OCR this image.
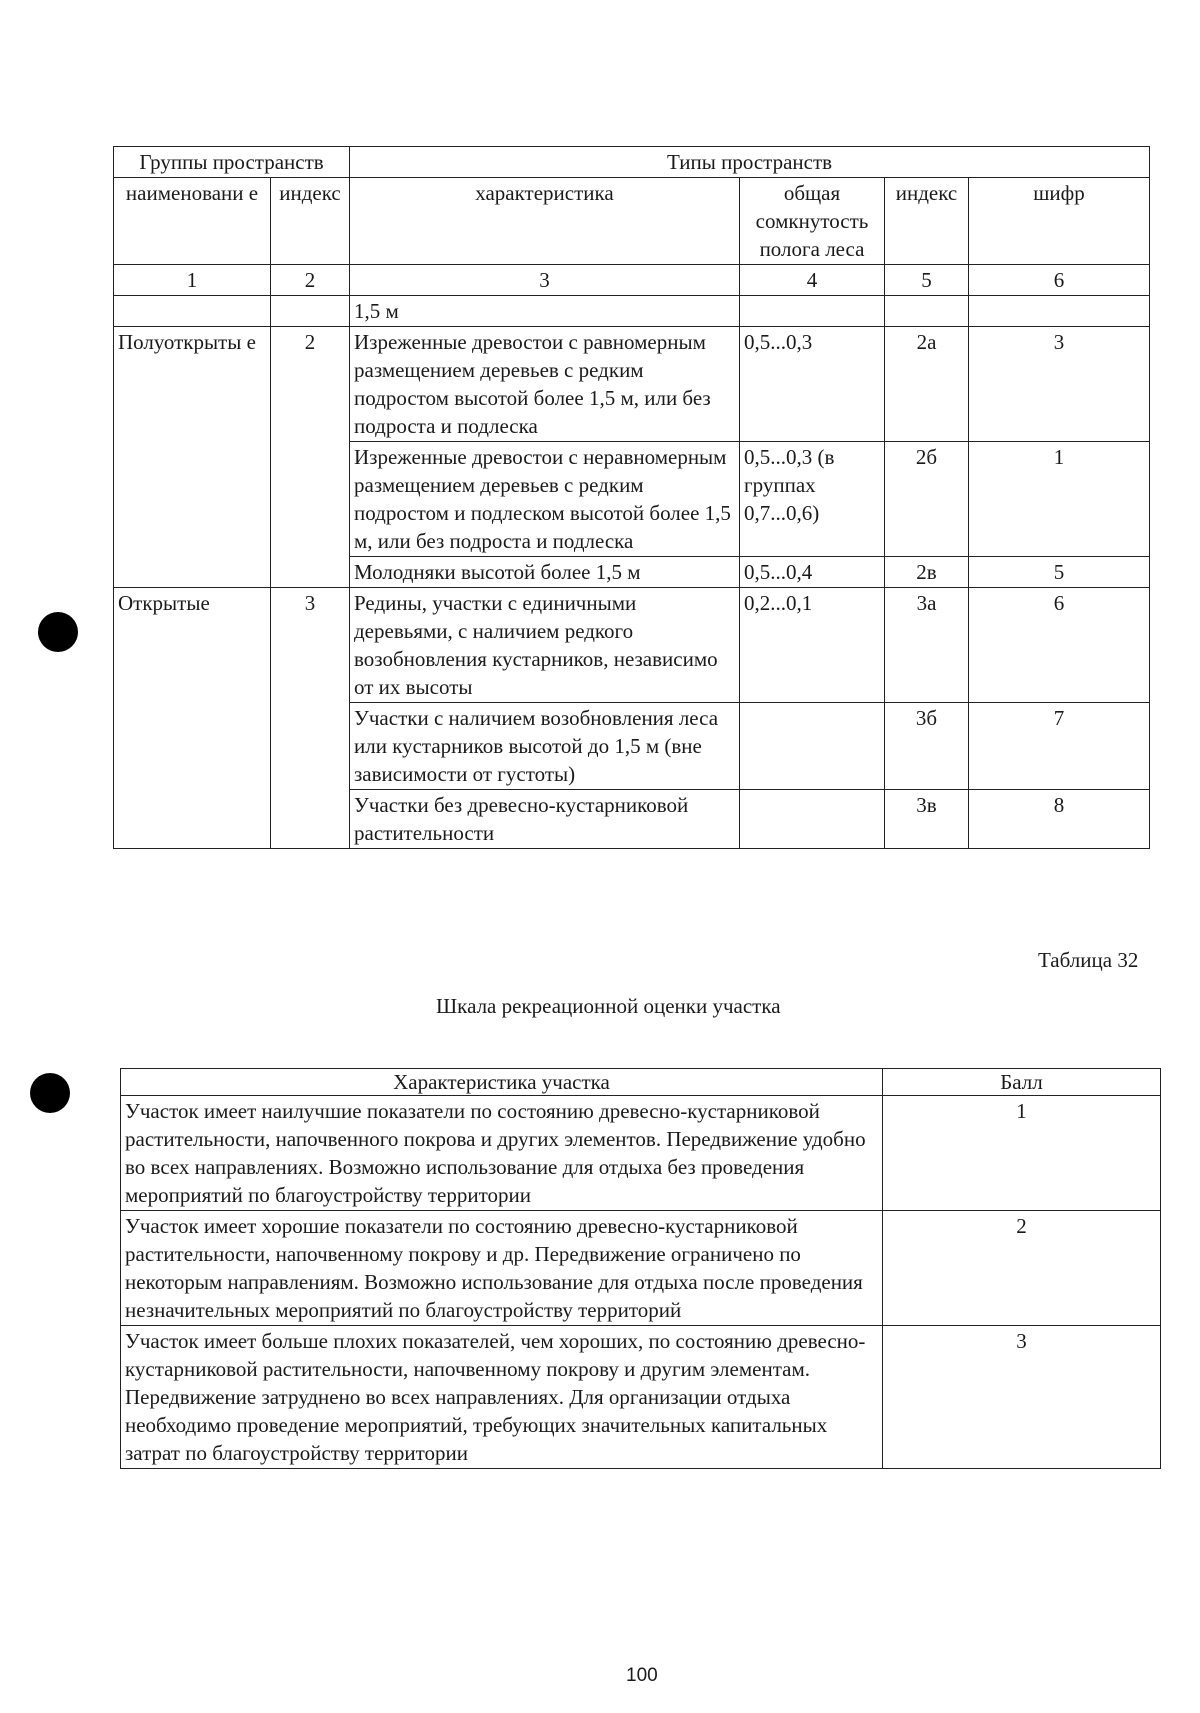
Группы пространств		Типы пространств			
наименовани е	индекс	характеристика	общая сомкнутость полога леса	индекс	шифр
1	2	3	4	5	6
		1,5 м			
Полуоткрыты е	2	Изреженные древостои с равномерным размещением деревьев с редким подростом высотой более 1,5 м, или без подроста и подлеска	0,5...0,3	2а	3
		Изреженные древостои с неравномерным размещением деревьев с редким подростом и подлеском высотой более 1,5 м, или без подроста и подлеска	0,5...0,3 (в группах 0,7...0,6)	2б	1
		Молодняки высотой более 1,5 м	0,5...0,4	2в	5
Открытые	3	Редины, участки с единичными деревьями, с наличием редкого возобновления кустарников, независимо от их высоты	0,2...0,1	3а	6
		Участки с наличием возобновления леса или кустарников высотой до 1,5 м (вне зависимости от густоты)		3б	7
		Участки без древесно-кустарниковой растительности		3в	8
Таблица 32
Шкала рекреационной оценки участка
Характеристика участка	Балл
Участок имеет наилучшие показатели по состоянию древесно-кустарниковой растительности, напочвенного покрова и других элементов. Передвижение удобно во всех направлениях. Возможно использование для отдыха без проведения мероприятий по благоустройству территории	1
Участок имеет хорошие показатели по состоянию древесно-кустарниковой растительности, напочвенному покрову и др. Передвижение ограничено по некоторым направлениям. Возможно использование для отдыха после проведения незначительных мероприятий по благоустройству территорий	2
Участок имеет больше плохих показателей, чем хороших, по состоянию древесно-кустарниковой растительности, напочвенному покрову и другим элементам. Передвижение затруднено во всех направлениях. Для организации отдыха необходимо проведение мероприятий, требующих значительных капитальных затрат по благоустройству территории	3
100
